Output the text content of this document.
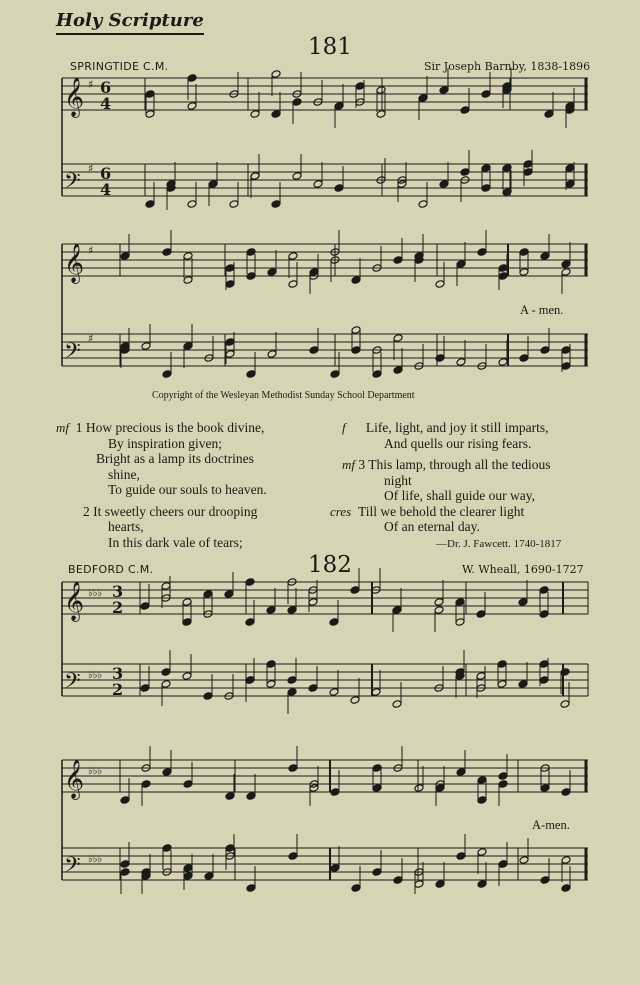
Holy Scripture
181
SPRINGTIDE C.M.	Sir Joseph Barnby, 1838-1896
𝄞
𝄢
♯
♯
6
4
6
4
𝄞
𝄢
♯
♯
𝄞
𝄢
♭♭♭
♭♭♭
3
2
3
2
𝄞
𝄢
♭♭♭
♭♭♭
Copyright of the Wesleyan Methodist Sunday School Department
A - men.
mf 1 How precious is the book divine,
By inspiration given;
Bright as a lamp its doctrines
shine,
To guide our souls to heaven.
2 It sweetly cheers our drooping
hearts,
In this dark vale of tears;
f Life, light, and joy it still imparts,
And quells our rising fears.
mf 3 This lamp, through all the tedious
night
Of life, shall guide our way,
cres Till we behold the clearer light
Of an eternal day.
—Dr. J. Fawcett. 1740-1817
BEDFORD C.M.	182	W. Wheall, 1690-1727
A-men.
